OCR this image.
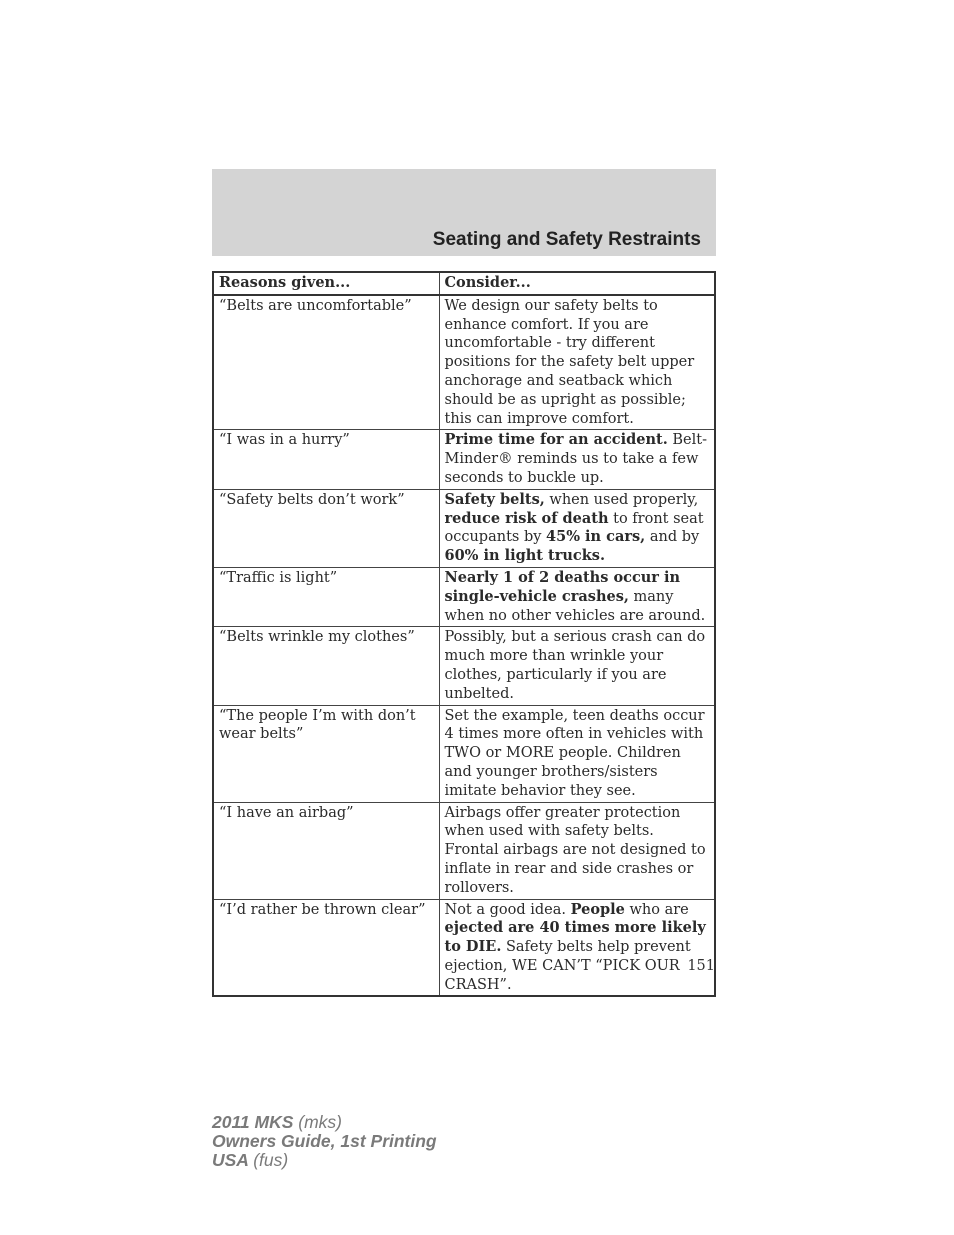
Seating and Safety Restraints
Reasons given...	Consider...
“Belts are uncomfortable”	We design our safety belts to enhance comfort. If you are uncomfortable - try different positions for the safety belt upper anchorage and seatback which should be as upright as possible; this can improve comfort.
“I was in a hurry”	Prime time for an accident. Belt-Minder® reminds us to take a few seconds to buckle up.
“Safety belts don’t work”	Safety belts, when used properly, reduce risk of death to front seat occupants by 45% in cars, and by 60% in light trucks.
“Traffic is light”	Nearly 1 of 2 deaths occur in single-vehicle crashes, many when no other vehicles are around.
“Belts wrinkle my clothes”	Possibly, but a serious crash can do much more than wrinkle your clothes, particularly if you are unbelted.
“The people I’m with don’t wear belts”	Set the example, teen deaths occur 4 times more often in vehicles with TWO or MORE people. Children and younger brothers/sisters imitate behavior they see.
“I have an airbag”	Airbags offer greater protection when used with safety belts. Frontal airbags are not designed to inflate in rear and side crashes or rollovers.
“I’d rather be thrown clear”	Not a good idea. People who are ejected are 40 times more likely to DIE. Safety belts help prevent ejection, WE CAN’T “PICK OUR CRASH”.
151
2011 MKS (mks)
Owners Guide, 1st Printing
USA (fus)
